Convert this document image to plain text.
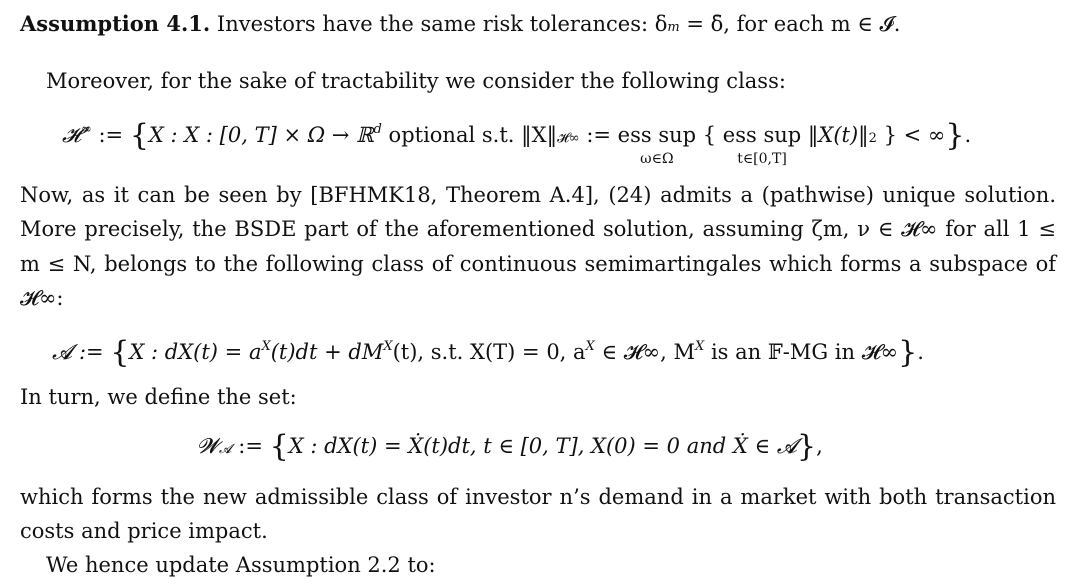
Assumption 4.1. Investors have the same risk tolerances: δm = δ̄, for each m ∈ 𝓘.
Moreover, for the sake of tractability we consider the following class:
𝓗∞ := {X : X : [0, T] × Ω → ℝ$^d$ optional s.t. ‖X‖𝓗∞ := ess sup
ω∈Ω
{ ess sup
t∈[0,T]
‖X(t)‖2 } < ∞}.
Now, as it can be seen by [BFHMK18, Theorem A.4], (24) admits a (pathwise) unique solution.
More precisely, the BSDE part of the aforementioned solution, assuming ζm, ν ∈ 𝓗∞ for all 1 ≤
m ≤ N, belongs to the following class of continuous semimartingales which forms a subspace of
𝓗∞:
𝓐 := {X : $dX(t) = a^X(t)dt + dM^X(t)$, s.t. X(T) = 0, $a^X$ ∈ 𝓗∞, $M^X$ is an 𝔽-MG in 𝓗∞}.
In turn, we define the set:
𝓦𝓐 := {X : dX(t) = Ẋ(t)dt, t ∈ [0, T], X(0) = 0 and Ẋ ∈ 𝓐},
which forms the new admissible class of investor n’s demand in a market with both transaction
costs and price impact.
We hence update Assumption 2.2 to:
